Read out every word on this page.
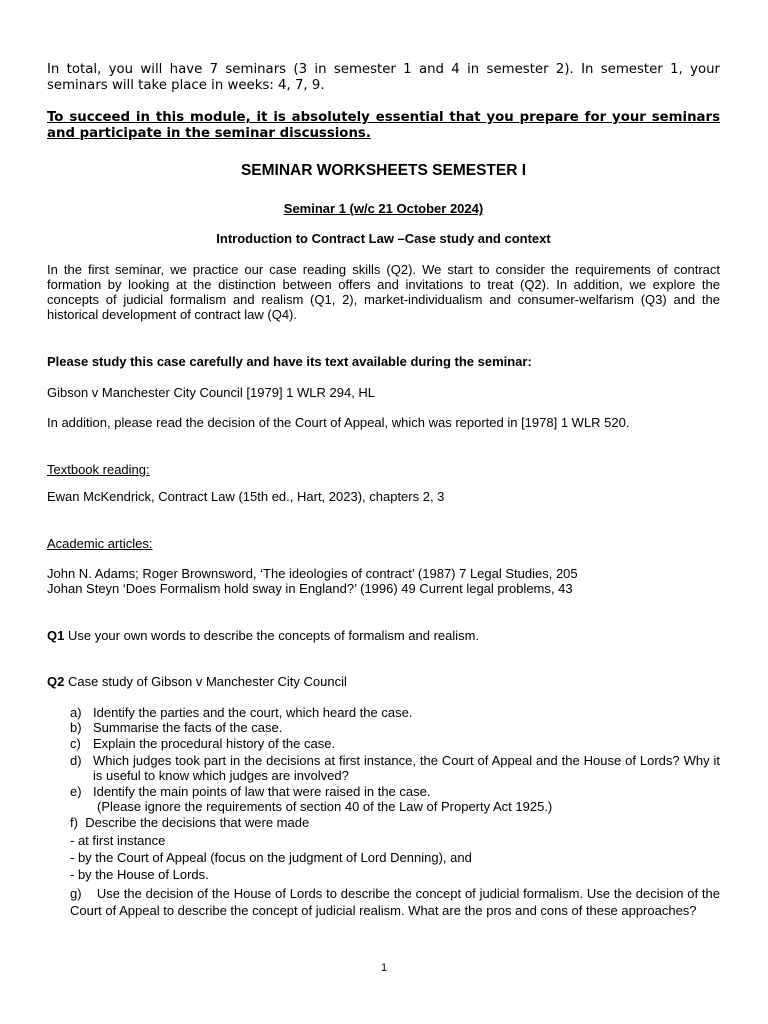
In total, you will have 7 seminars (3 in semester 1 and 4 in semester 2). In semester 1, your seminars will take place in weeks: 4, 7, 9.
To succeed in this module, it is absolutely essential that you prepare for your seminars and participate in the seminar discussions.
SEMINAR WORKSHEETS SEMESTER I
Seminar 1 (w/c 21 October 2024)
Introduction to Contract Law –Case study and context
In the first seminar, we practice our case reading skills (Q2). We start to consider the requirements of contract formation by looking at the distinction between offers and invitations to treat (Q2). In addition, we explore the concepts of judicial formalism and realism (Q1, 2), market-individualism and consumer-welfarism (Q3) and the historical development of contract law (Q4).
Please study this case carefully and have its text available during the seminar:
Gibson v Manchester City Council [1979] 1 WLR 294, HL
In addition, please read the decision of the Court of Appeal, which was reported in [1978] 1 WLR 520.
Textbook reading:
Ewan McKendrick, Contract Law (15th ed., Hart, 2023), chapters 2, 3
Academic articles:
John N. Adams; Roger Brownsword, ‘The ideologies of contract’ (1987) 7 Legal Studies, 205
Johan Steyn ‘Does Formalism hold sway in England?’ (1996) 49 Current legal problems, 43
Q1 Use your own words to describe the concepts of formalism and realism.
Q2 Case study of Gibson v Manchester City Council
a) Identify the parties and the court, which heard the case.
b) Summarise the facts of the case.
c) Explain the procedural history of the case.
d) Which judges took part in the decisions at first instance, the Court of Appeal and the House of Lords? Why it is useful to know which judges are involved?
e) Identify the main points of law that were raised in the case.
(Please ignore the requirements of section 40 of the Law of Property Act 1925.)
f) Describe the decisions that were made
- at first instance
- by the Court of Appeal (focus on the judgment of Lord Denning), and
- by the House of Lords.
g) Use the decision of the House of Lords to describe the concept of judicial formalism. Use the decision of the Court of Appeal to describe the concept of judicial realism. What are the pros and cons of these approaches?
1
